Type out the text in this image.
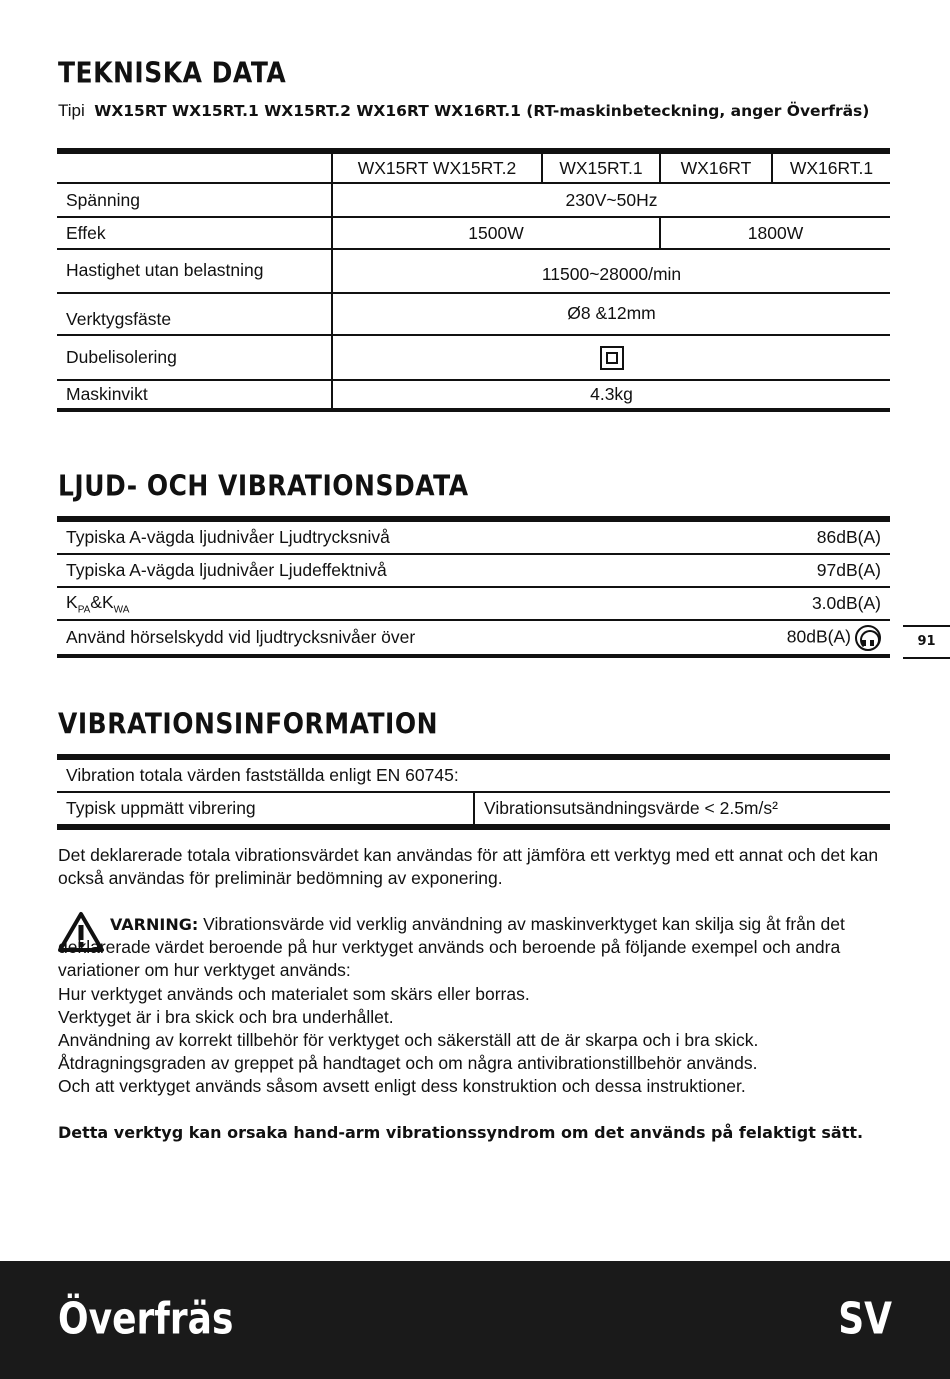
TEKNISKA DATA
Tipi WX15RT WX15RT.1 WX15RT.2 WX16RT WX16RT.1 (RT-maskinbeteckning, anger Överfräs)
	WX15RT WX15RT.2	WX15RT.1	WX16RT	WX16RT.1
Spänning	230V~50Hz			
Effek	1500W		1800W	
Hastighet utan belastning	11500~28000/min			
Verktygsfäste	Ø8 &12mm			
Dubelisolering				
Maskinvikt	4.3kg			
LJUD- OCH VIBRATIONSDATA
Typiska A-vägda ljudnivåer Ljudtrycksnivå	86dB(A)
Typiska A-vägda ljudnivåer Ljudeffektnivå	97dB(A)
$K_{PA}\&K_{WA}$	3.0dB(A)
Använd hörselskydd vid ljudtrycksnivåer över	80dB(A)	91
VIBRATIONSINFORMATION
Vibration totala värden fastställda enligt EN 60745:
Typisk uppmätt vibrering	Vibrationsutsändningsvärde < 2.5m/s²

Det deklarerade totala vibrationsvärdet kan användas för att jämföra ett verktyg med ett annat och det kan också användas för preliminär bedömning av exponering.

VARNING: Vibrationsvärde vid verklig användning av maskinverktyget kan skilja sig åt från det deklarerade värdet beroende på hur verktyget används och beroende på följande exempel och andra variationer om hur verktyget används:

Hur verktyget används och materialet som skärs eller borras.

Verktyget är i bra skick och bra underhållet.

Användning av korrekt tillbehör för verktyget och säkerställ att de är skarpa och i bra skick.

Åtdragningsgraden av greppet på handtaget och om några antivibrationstillbehör används.

Och att verktyget används såsom avsett enligt dess konstruktion och dessa instruktioner.

Detta verktyg kan orsaka hand-arm vibrationssyndrom om det används på felaktigt sätt.

Överfräs	SV
